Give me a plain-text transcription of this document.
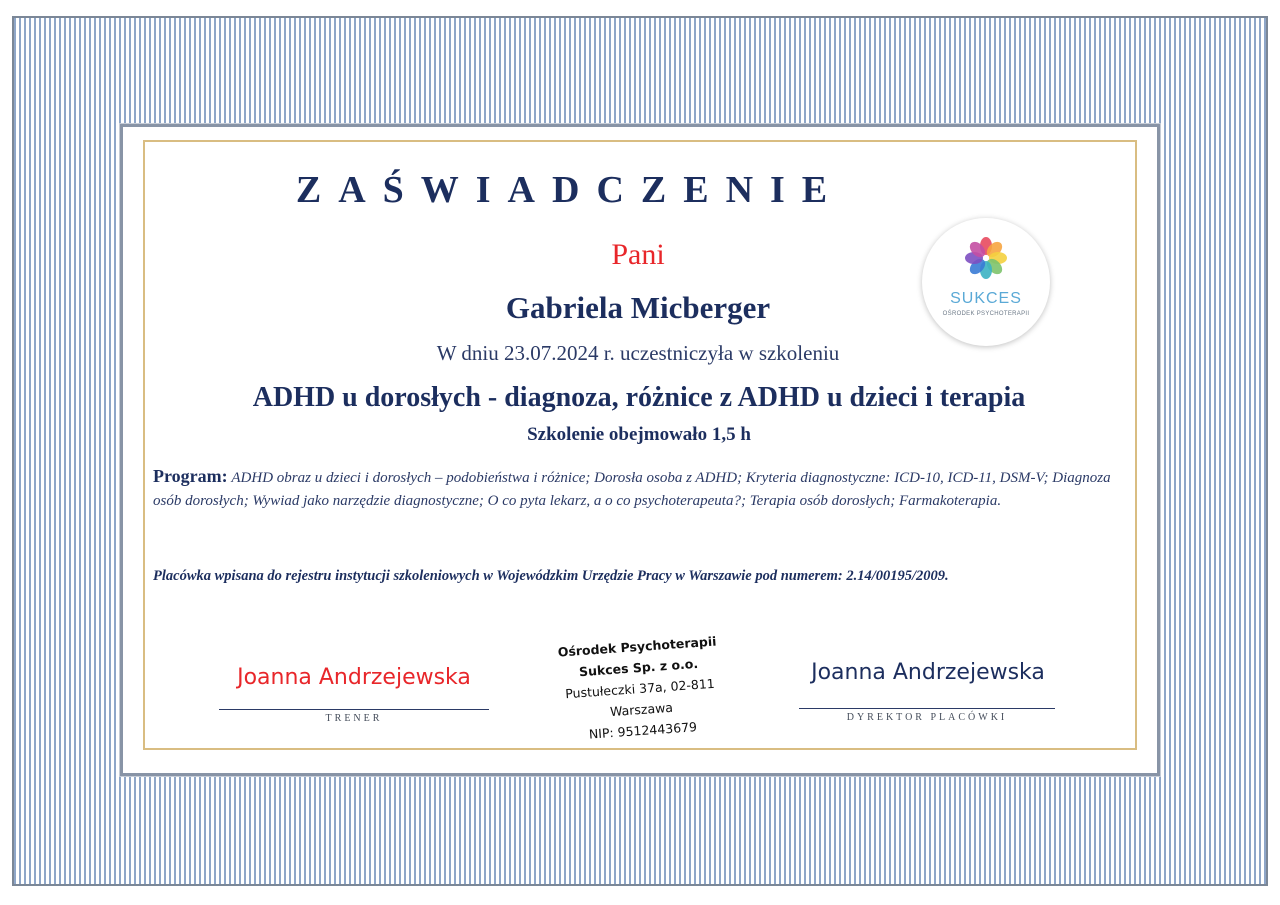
ZAŚWIADCZENIE
Pani
Gabriela Micberger
W dniu 23.07.2024 r. uczestniczyła w szkoleniu
ADHD u dorosłych - diagnoza, różnice z ADHD u dzieci i terapia
Szkolenie obejmowało 1,5 h
Program: ADHD obraz u dzieci i dorosłych – podobieństwa i różnice; Dorosła osoba z ADHD; Kryteria diagnostyczne: ICD-10, ICD-11, DSM-V; Diagnoza osób dorosłych; Wywiad jako narzędzie diagnostyczne; O co pyta lekarz, a o co psychoterapeuta?; Terapia osób dorosłych; Farmakoterapia.
Placówka wpisana do rejestru instytucji szkoleniowych w Wojewódzkim Urzędzie Pracy w Warszawie pod numerem: 2.14/00195/2009.
SUKCES
OŚRODEK PSYCHOTERAPII
Joanna Andrzejewska
TRENER
Ośrodek Psychoterapii
Sukces Sp. z o.o.
Pustułeczki 37a, 02-811 Warszawa
NIP: 9512443679
Joanna Andrzejewska
DYREKTOR PLACÓWKI
